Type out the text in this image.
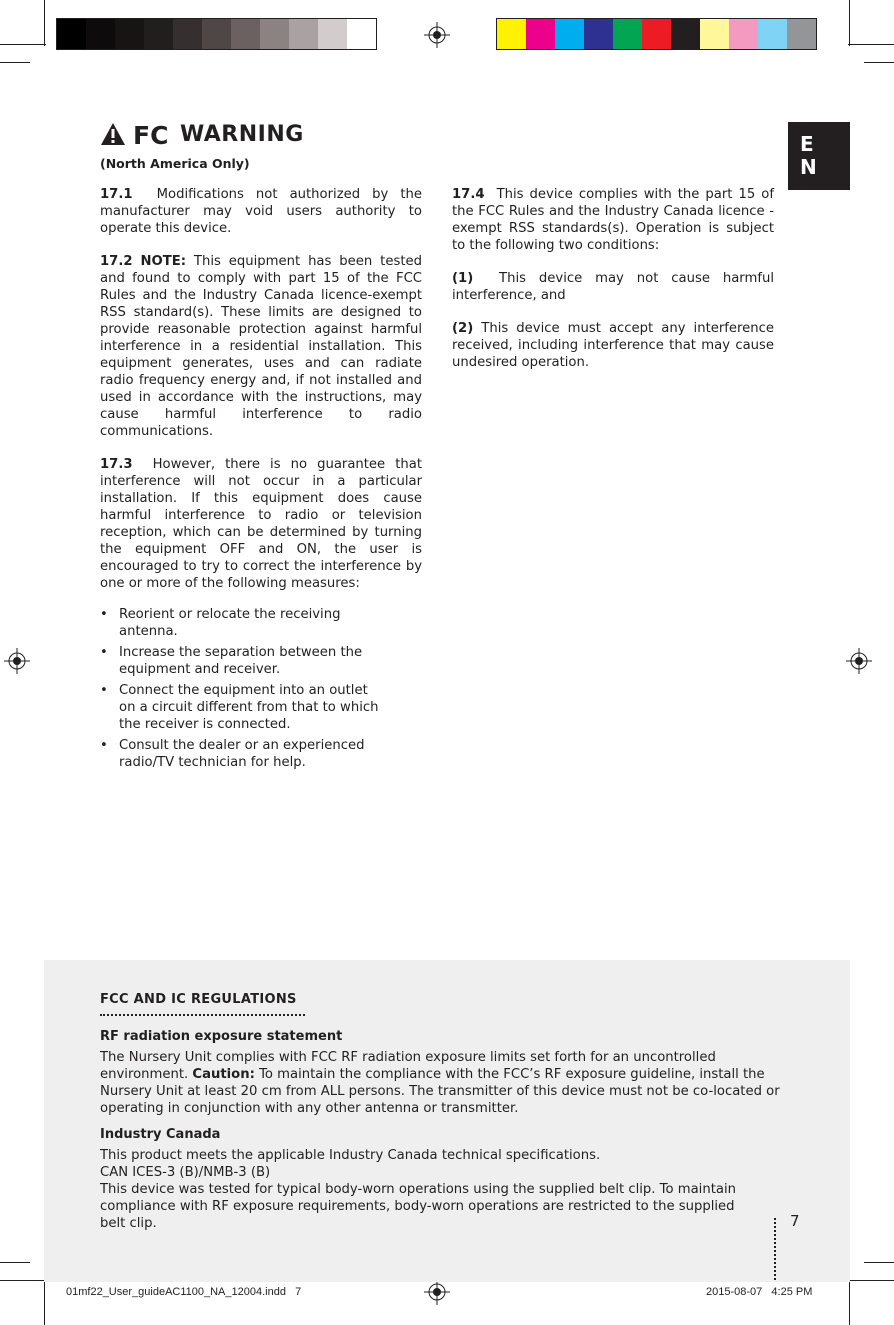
E
N
FC WARNING
(North America Only)

17.1 Modifications not authorized by the manufacturer may void users authority to operate this device.

17.2 NOTE: This equipment has been tested and found to comply with part 15 of the FCC Rules and the Industry Canada licence-exempt RSS standard(s). These limits are designed to provide reasonable protection against harmful interference in a residential installation. This equipment generates, uses and can radiate radio frequency energy and, if not installed and used in accordance with the instructions, may cause harmful interference to radio communications.

17.3 However, there is no guarantee that interference will not occur in a particular installation. If this equipment does cause harmful interference to radio or television reception, which can be determined by turning the equipment OFF and ON, the user is encouraged to try to correct the interference by one or more of the following measures:

• Reorient or relocate the receiving antenna.
• Increase the separation between the equipment and receiver.
• Connect the equipment into an outlet on a circuit different from that to which the receiver is connected.
• Consult the dealer or an experienced radio/TV technician for help.

17.4 This device complies with the part 15 of the FCC Rules and the Industry Canada licence - exempt RSS standards(s). Operation is subject to the following two conditions:

(1) This device may not cause harmful interference, and

(2) This device must accept any interference received, including interference that may cause undesired operation.

FCC AND IC REGULATIONS
RF radiation exposure statement
The Nursery Unit complies with FCC RF radiation exposure limits set forth for an uncontrolled environment. Caution: To maintain the compliance with the FCC’s RF exposure guideline, install the Nursery Unit at least 20 cm from ALL persons. The transmitter of this device must not be co-located or operating in conjunction with any other antenna or transmitter.
Industry Canada
This product meets the applicable Industry Canada technical specifications.
CAN ICES-3 (B)/NMB-3 (B)
This device was tested for typical body-worn operations using the supplied belt clip. To maintain compliance with RF exposure requirements, body-worn operations are restricted to the supplied belt clip.	7
01mf22_User_guideAC1100_NA_12004.indd   7	2015-08-07   4:25 PM
